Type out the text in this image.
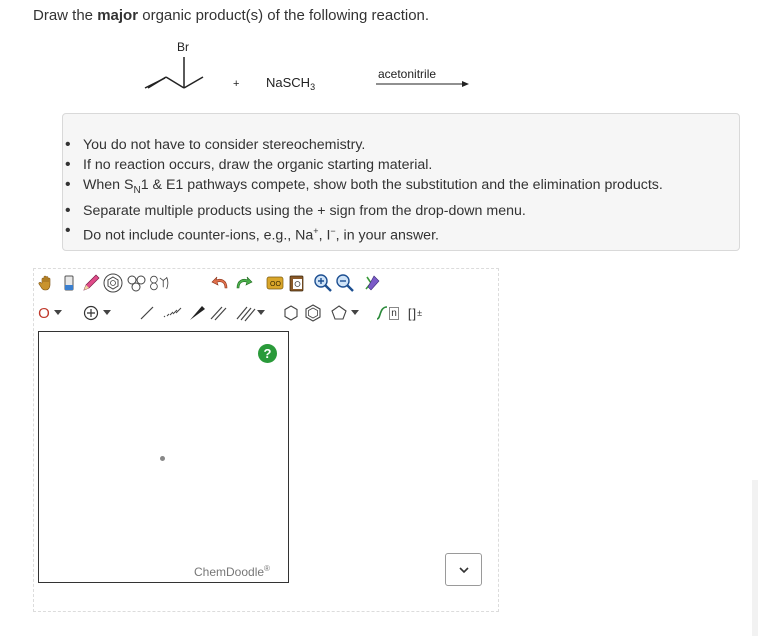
Draw the major organic product(s) of the following reaction.
Br
+ NaSCH$_3$
acetonitrile
• You do not have to consider stereochemistry.
• If no reaction occurs, draw the organic starting material.
• When $S_N1$ & E1 pathways compete, show both the substitution and the elimination products.
• Separate multiple products using the + sign from the drop-down menu.
• Do not include counter-ions, e.g., Na+, I−, in your answer.
OO
O	n [] ±
?
ChemDoodle®
